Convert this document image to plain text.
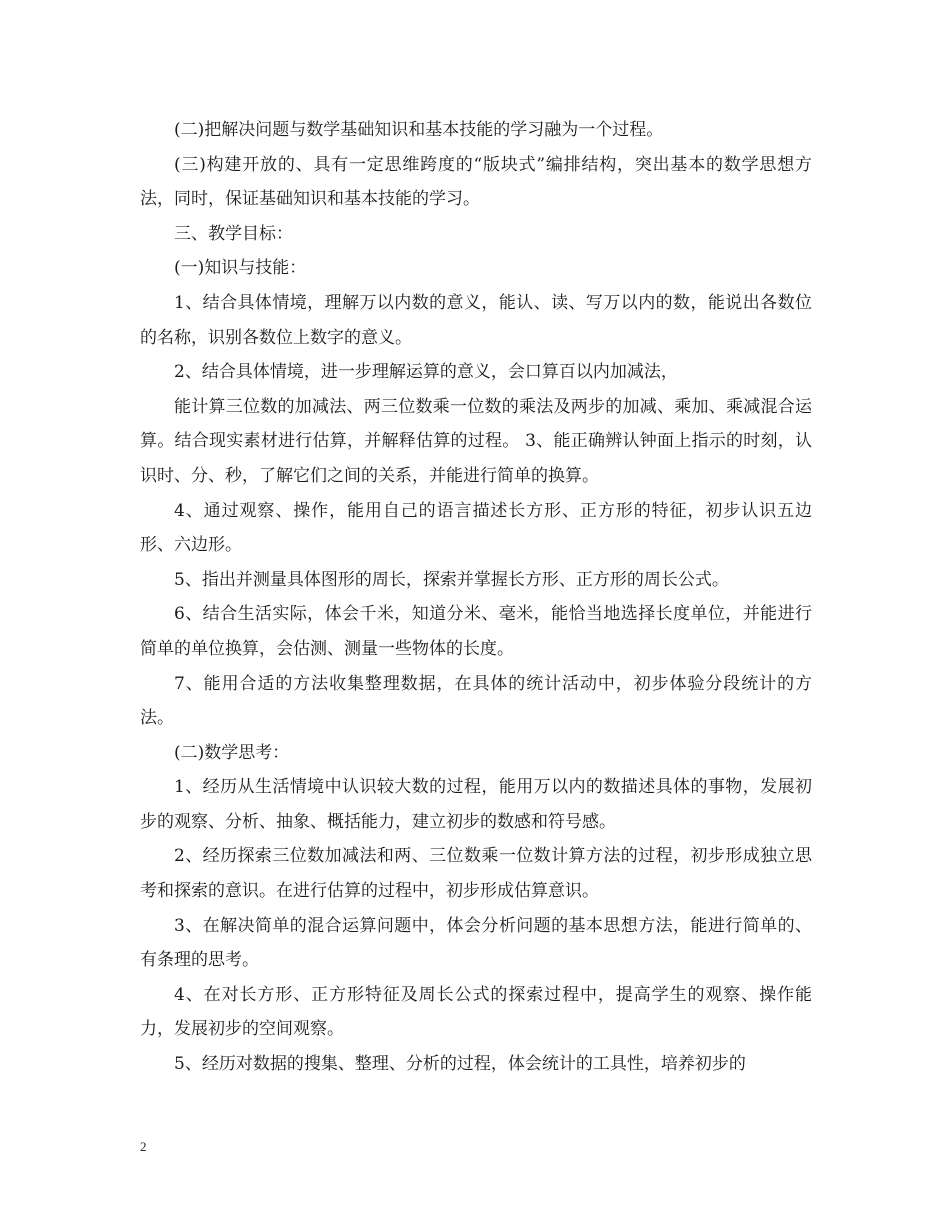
(二)把解决问题与数学基础知识和基本技能的学习融为一个过程。

(三)构建开放的、具有一定思维跨度的“版块式”编排结构，突出基本的数学思想方法，同时，保证基础知识和基本技能的学习。

三、教学目标：

(一)知识与技能：

1、结合具体情境，理解万以内数的意义，能认、读、写万以内的数，能说出各数位的名称，识别各数位上数字的意义。

2、结合具体情境，进一步理解运算的意义，会口算百以内加减法，

能计算三位数的加减法、两三位数乘一位数的乘法及两步的加减、乘加、乘减混合运算。结合现实素材进行估算，并解释估算的过程。 3、能正确辨认钟面上指示的时刻，认识时、分、秒，了解它们之间的关系，并能进行简单的换算。

4、通过观察、操作，能用自己的语言描述长方形、正方形的特征，初步认识五边形、六边形。

5、指出并测量具体图形的周长，探索并掌握长方形、正方形的周长公式。

6、结合生活实际，体会千米，知道分米、毫米，能恰当地选择长度单位，并能进行简单的单位换算，会估测、测量一些物体的长度。

7、能用合适的方法收集整理数据，在具体的统计活动中，初步体验分段统计的方法。

(二)数学思考：

1、经历从生活情境中认识较大数的过程，能用万以内的数描述具体的事物，发展初步的观察、分析、抽象、概括能力，建立初步的数感和符号感。

2、经历探索三位数加减法和两、三位数乘一位数计算方法的过程，初步形成独立思考和探索的意识。在进行估算的过程中，初步形成估算意识。

3、在解决简单的混合运算问题中，体会分析问题的基本思想方法，能进行简单的、有条理的思考。

4、在对长方形、正方形特征及周长公式的探索过程中，提高学生的观察、操作能力，发展初步的空间观察。

5、经历对数据的搜集、整理、分析的过程，体会统计的工具性，培养初步的

2
